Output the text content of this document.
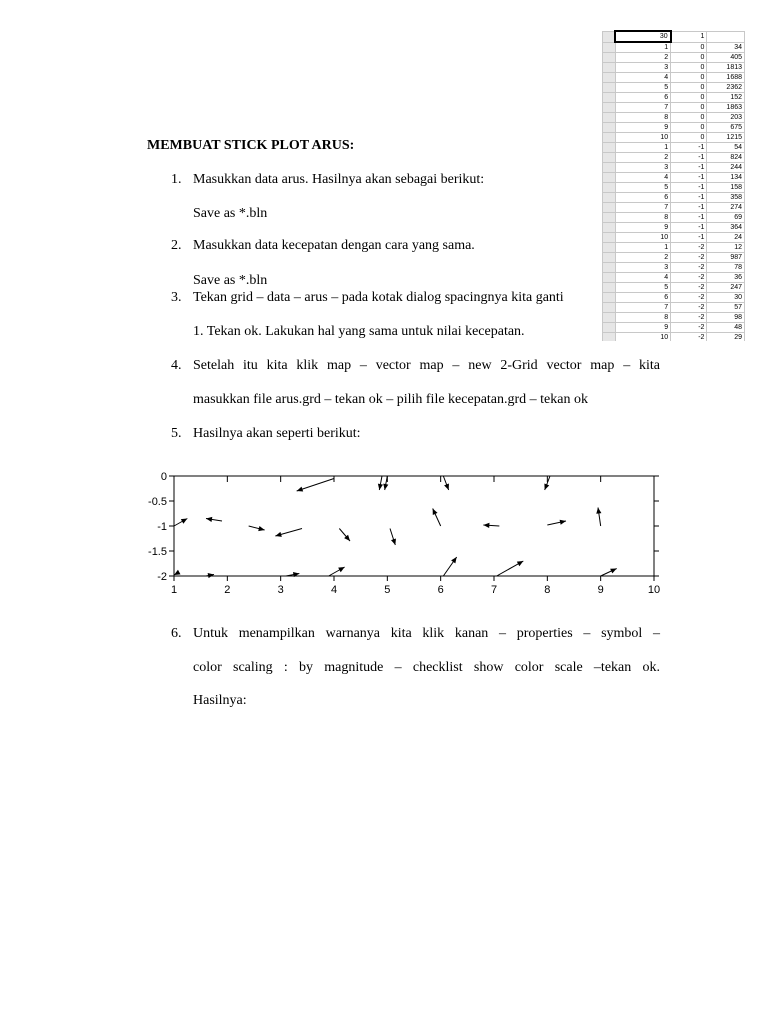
	30	1	
	1	0	34
	2	0	405
	3	0	1813
	4	0	1688
	5	0	2362
	6	0	152
	7	0	1863
	8	0	203
	9	0	675
	10	0	1215
	1	-1	54
	2	-1	824
	3	-1	244
	4	-1	134
	5	-1	158
	6	-1	358
	7	-1	274
	8	-1	69
	9	-1	364
	10	-1	24
	1	-2	12
	2	-2	987
	3	-2	78
	4	-2	36
	5	-2	247
	6	-2	30
	7	-2	57
	8	-2	98
	9	-2	48
	10	-2	29
MEMBUAT STICK PLOT ARUS:
1. Masukkan data arus. Hasilnya akan sebagai berikut:
Save as *.bln
2. Masukkan data kecepatan dengan cara yang sama.
Save as *.bln
3. Tekan grid – data – arus – pada kotak dialog spacingnya kita ganti
1. Tekan ok. Lakukan hal yang sama untuk nilai kecepatan.
4. Setelah itu kita klik map – vector map – new 2-Grid vector map – kita
masukkan file arus.grd – tekan ok – pilih file kecepatan.grd – tekan ok
5. Hasilnya akan seperti berikut:
1	2	3	4	5	6	7	8	9	10
0
-0.5
-1
-1.5
-2
6. Untuk menampilkan warnanya kita klik kanan – properties – symbol –
color scaling : by magnitude – checklist show color scale –tekan ok.
Hasilnya:
